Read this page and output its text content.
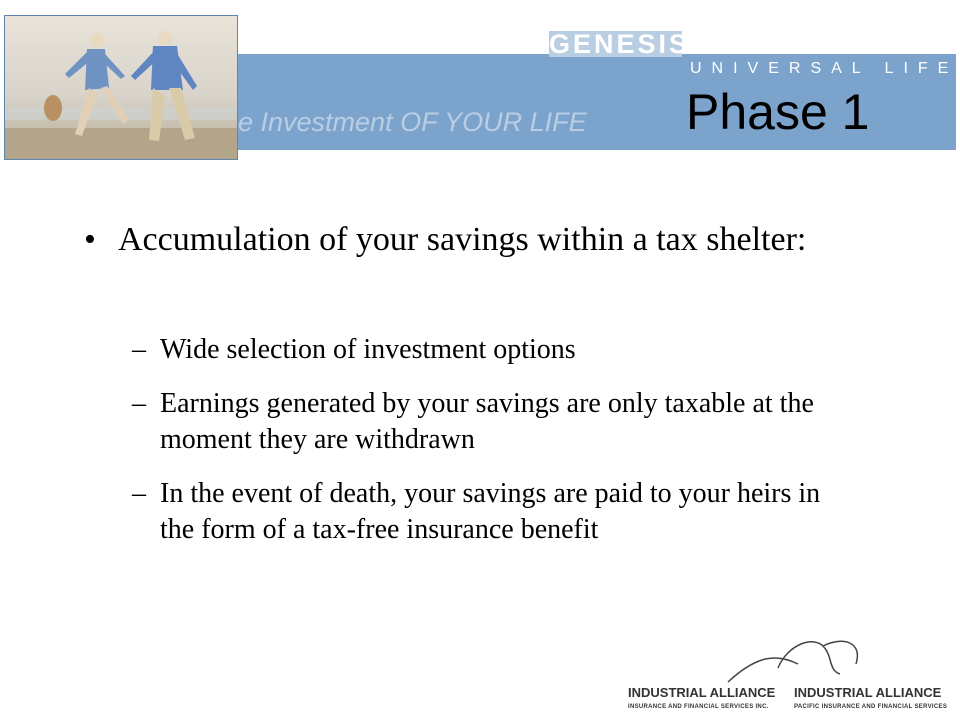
GENESIS
UNIVERSAL LIFE
e Investment OF YOUR LIFE Phase 1
• Accumulation of your savings within a tax shelter:
– Wide selection of investment options
– Earnings generated by your savings are only taxable at the moment they are withdrawn
– In the event of death, your savings are paid to your heirs in the form of a tax-free insurance benefit
INDUSTRIAL ALLIANCE
INSURANCE AND FINANCIAL SERVICES INC.
INDUSTRIAL ALLIANCE
PACIFIC INSURANCE AND FINANCIAL SERVICES
